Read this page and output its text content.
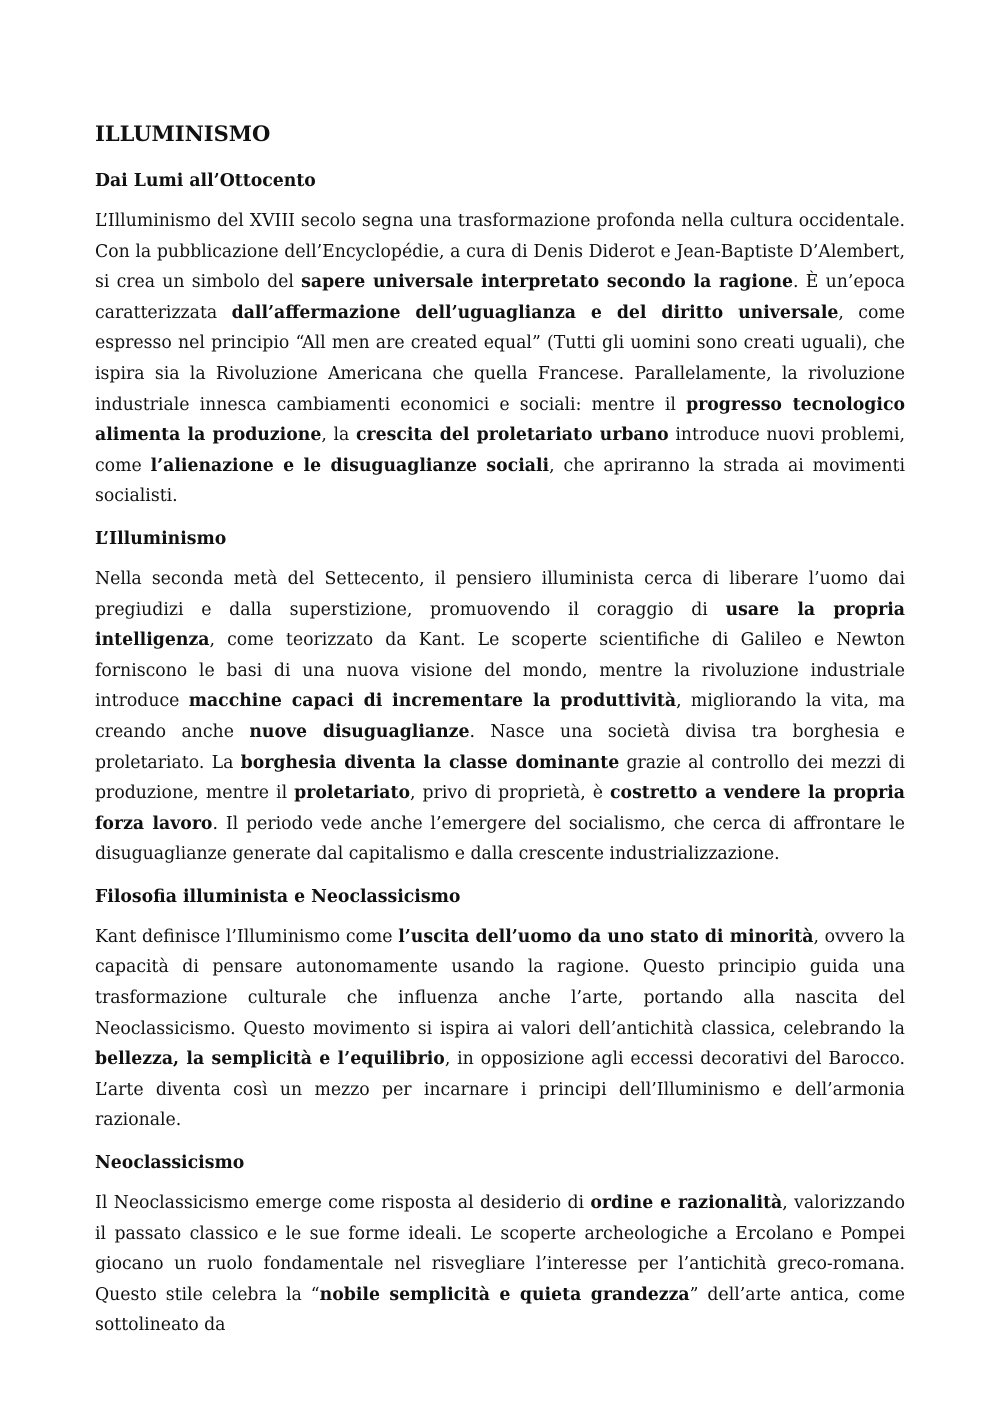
ILLUMINISMO
Dai Lumi all’Ottocento

L’Illuminismo del XVIII secolo segna una trasformazione profonda nella cultura occidentale. Con la pubblicazione dell’Encyclopédie, a cura di Denis Diderot e Jean-Baptiste D’Alembert, si crea un simbolo del sapere universale interpretato secondo la ragione. È un’epoca caratterizzata dall’affermazione dell’uguaglianza e del diritto universale, come espresso nel principio “All men are created equal” (Tutti gli uomini sono creati uguali), che ispira sia la Rivoluzione Americana che quella Francese. Parallelamente, la rivoluzione industriale innesca cambiamenti economici e sociali: mentre il progresso tecnologico alimenta la produzione, la crescita del proletariato urbano introduce nuovi problemi, come l’alienazione e le disuguaglianze sociali, che apriranno la strada ai movimenti socialisti.

L’Illuminismo

Nella seconda metà del Settecento, il pensiero illuminista cerca di liberare l’uomo dai pregiudizi e dalla superstizione, promuovendo il coraggio di usare la propria intelligenza, come teorizzato da Kant. Le scoperte scientifiche di Galileo e Newton forniscono le basi di una nuova visione del mondo, mentre la rivoluzione industriale introduce macchine capaci di incrementare la produttività, migliorando la vita, ma creando anche nuove disuguaglianze. Nasce una società divisa tra borghesia e proletariato. La borghesia diventa la classe dominante grazie al controllo dei mezzi di produzione, mentre il proletariato, privo di proprietà, è costretto a vendere la propria forza lavoro. Il periodo vede anche l’emergere del socialismo, che cerca di affrontare le disuguaglianze generate dal capitalismo e dalla crescente industrializzazione.

Filosofia illuminista e Neoclassicismo

Kant definisce l’Illuminismo come l’uscita dell’uomo da uno stato di minorità, ovvero la capacità di pensare autonomamente usando la ragione. Questo principio guida una trasformazione culturale che influenza anche l’arte, portando alla nascita del Neoclassicismo. Questo movimento si ispira ai valori dell’antichità classica, celebrando la bellezza, la semplicità e l’equilibrio, in opposizione agli eccessi decorativi del Barocco. L’arte diventa così un mezzo per incarnare i principi dell’Illuminismo e dell’armonia razionale.

Neoclassicismo

Il Neoclassicismo emerge come risposta al desiderio di ordine e razionalità, valorizzando il passato classico e le sue forme ideali. Le scoperte archeologiche a Ercolano e Pompei giocano un ruolo fondamentale nel risvegliare l’interesse per l’antichità greco-romana. Questo stile celebra la “nobile semplicità e quieta grandezza” dell’arte antica, come sottolineato da
